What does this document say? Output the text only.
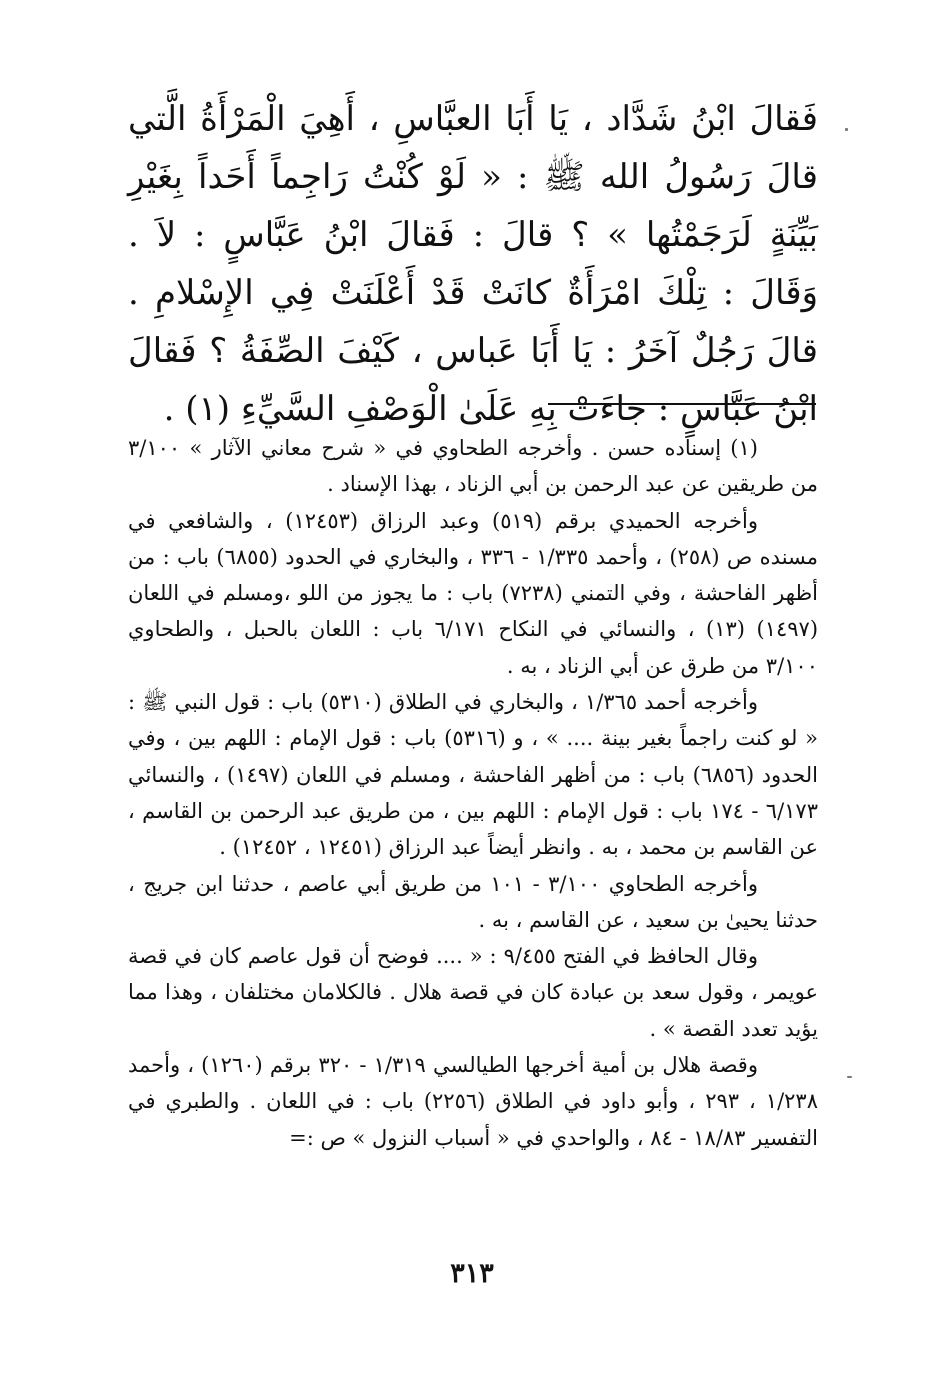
فَقالَ ابْنُ شَدَّاد ، يَا أَبَا العبَّاسِ ، أَهِيَ الْمَرْأَةُ الَّتي قالَ رَسُولُ الله ﷺ : « لَوْ كُنْتُ رَاجِماً أَحَداً بِغَيْرِ بَيِّنَةٍ لَرَجَمْتُها » ؟ قالَ : فَقالَ ابْنُ عَبَّاسٍ : لاَ . وَقَالَ : تِلْكَ امْرَأَةٌ كانَتْ قَدْ أَعْلَنَتْ فِي الإِسْلامِ . قالَ رَجُلٌ آخَرُ : يَا أَبَا عَباس ، كَيْفَ الصِّفَةُ ؟ فَقالَ ابْنُ عَبَّاسٍ : جاءَتْ بِهِ عَلَىٰ الْوَصْفِ السَّيِّءِ (١) .

(١) إسناده حسن . وأخرجه الطحاوي في « شرح معاني الآثار » ٣/١٠٠ من طريقين عن عبد الرحمن بن أبي الزناد ، بهذا الإسناد .

وأخرجه الحميدي برقم (٥١٩) وعبد الرزاق (١٢٤٥٣) ، والشافعي في مسنده ص (٢٥٨) ، وأحمد ١/٣٣٥ - ٣٣٦ ، والبخاري في الحدود (٦٨٥٥) باب : من أظهر الفاحشة ، وفي التمني (٧٢٣٨) باب : ما يجوز من اللو ،ومسلم في اللعان (١٤٩٧) (١٣) ، والنسائي في النكاح ٦/١٧١ باب : اللعان بالحبل ، والطحاوي ٣/١٠٠ من طرق عن أبي الزناد ، به .

وأخرجه أحمد ١/٣٦٥ ، والبخاري في الطلاق (٥٣١٠) باب : قول النبي ﷺ : « لو كنت راجماً بغير بينة .... » ، و (٥٣١٦) باب : قول الإمام : اللهم بين ، وفي الحدود (٦٨٥٦) باب : من أظهر الفاحشة ، ومسلم في اللعان (١٤٩٧) ، والنسائي ٦/١٧٣ - ١٧٤ باب : قول الإمام : اللهم بين ، من طريق عبد الرحمن بن القاسم ، عن القاسم بن محمد ، به . وانظر أيضاً عبد الرزاق (١٢٤٥١ ، ١٢٤٥٢) .

وأخرجه الطحاوي ٣/١٠٠ - ١٠١ من طريق أبي عاصم ، حدثنا ابن جريج ، حدثنا يحيىٰ بن سعيد ، عن القاسم ، به .

وقال الحافظ في الفتح ٩/٤٥٥ : « .... فوضح أن قول عاصم كان في قصة عويمر ، وقول سعد بن عبادة كان في قصة هلال . فالكلامان مختلفان ، وهذا مما يؤيد تعدد القصة » .

وقصة هلال بن أمية أخرجها الطيالسي ١/٣١٩ - ٣٢٠ برقم (١٢٦٠) ، وأحمد ١/٢٣٨ ، ٢٩٣ ، وأبو داود في الطلاق (٢٢٥٦) باب : في اللعان . والطبري في التفسير ١٨/٨٣ - ٨٤ ، والواحدي في « أسباب النزول » ص :=

٣١٣
